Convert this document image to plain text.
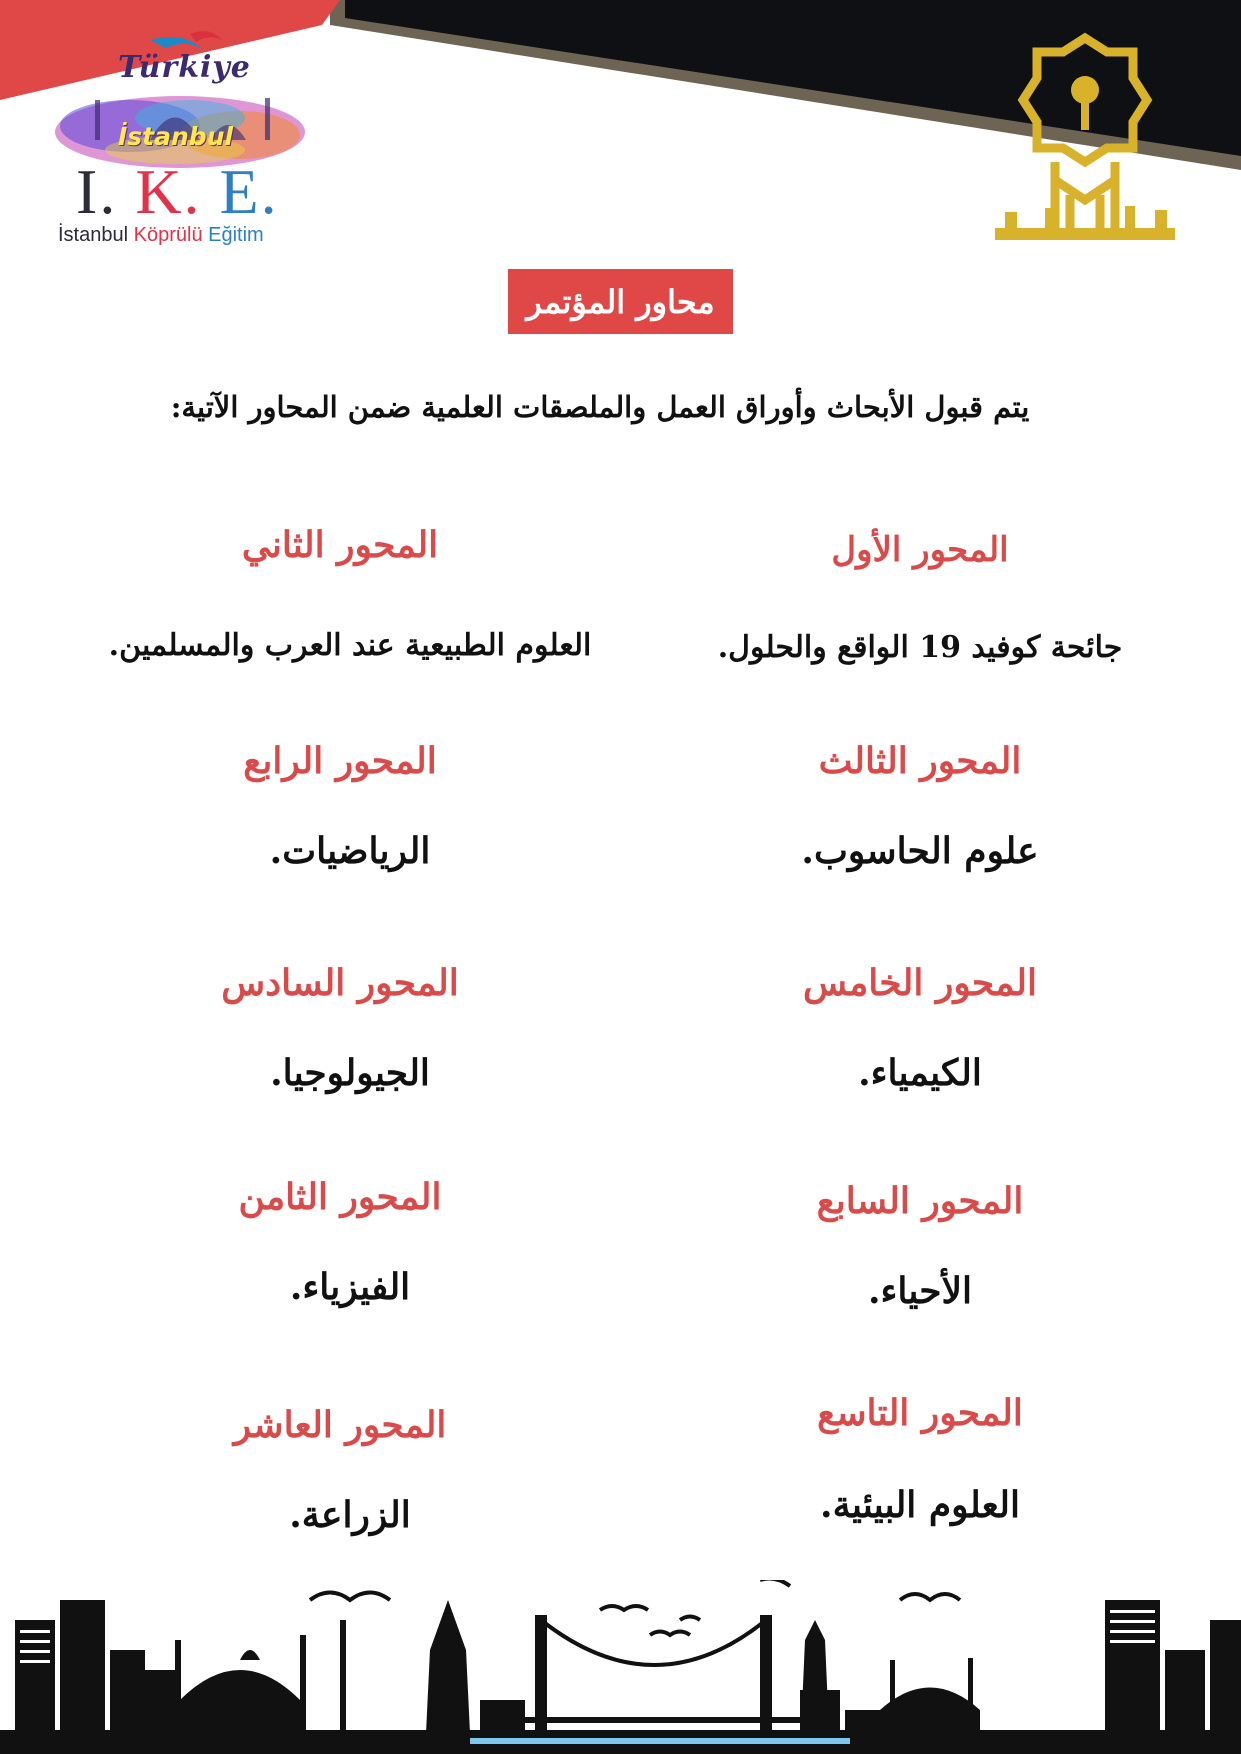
Türkiye
İstanbul
I. K. E.
İstanbul Köprülü Eğitim
محاور المؤتمر
يتم قبول الأبحاث وأوراق العمل والملصقات العلمية ضمن المحاور الآتية:
المحور الأول
جائحة كوفيد 19 الواقع والحلول.
المحور الثاني
العلوم الطبيعية عند العرب والمسلمين.
المحور الثالث
علوم الحاسوب.
المحور الرابع
الرياضيات.
المحور الخامس
الكيمياء.
المحور السادس
الجيولوجيا.
المحور السابع
الأحياء.
المحور الثامن
الفيزياء.
المحور التاسع
العلوم البيئية.
المحور العاشر
الزراعة.
